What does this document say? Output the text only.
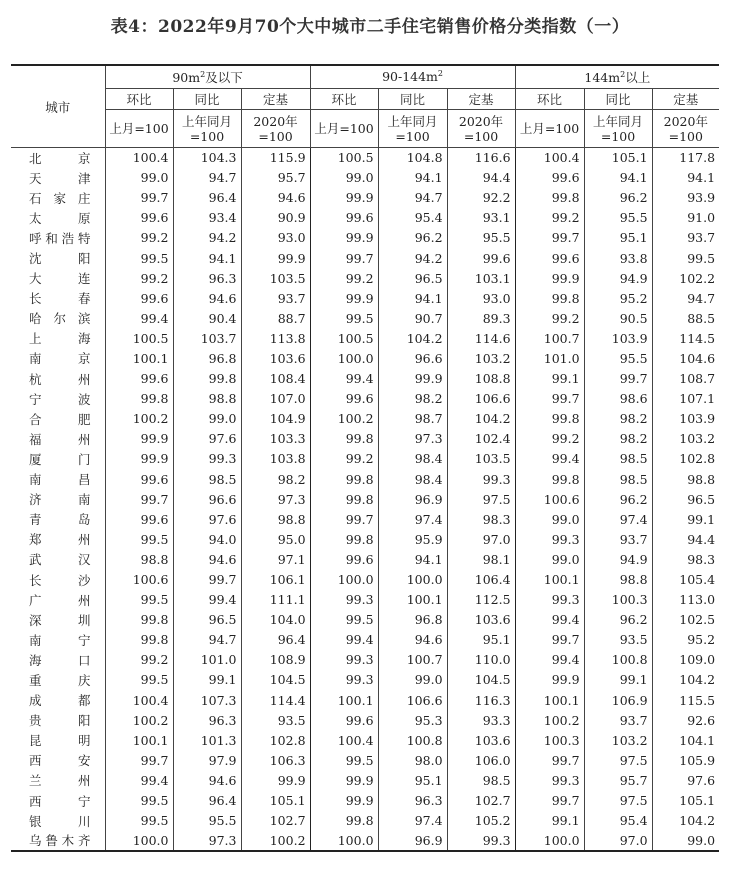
表4：2022年9月70个大中城市二手住宅销售价格分类指数（一）
城市	$90m^2$及以下			$90-144m^2$			$144m^2$以上		
	环比	同比	定基	环比	同比	定基	环比	同比	定基
	上月=100	上年同月=100	2020年=100	上月=100	上年同月=100	2020年=100	上月=100	上年同月=100	2020年=100
北京	100.4	104.3	115.9	100.5	104.8	116.6	100.4	105.1	117.8
天津	99.0	94.7	95.7	99.0	94.1	94.4	99.6	94.1	94.1
石家庄	99.7	96.4	94.6	99.9	94.7	92.2	99.8	96.2	93.9
太原	99.6	93.4	90.9	99.6	95.4	93.1	99.2	95.5	91.0
呼和浩特	99.2	94.2	93.0	99.9	96.2	95.5	99.7	95.1	93.7
沈阳	99.5	94.1	99.9	99.7	94.2	99.6	99.6	93.8	99.5
大连	99.2	96.3	103.5	99.2	96.5	103.1	99.9	94.9	102.2
长春	99.6	94.6	93.7	99.9	94.1	93.0	99.8	95.2	94.7
哈尔滨	99.4	90.4	88.7	99.5	90.7	89.3	99.2	90.5	88.5
上海	100.5	103.7	113.8	100.5	104.2	114.6	100.7	103.9	114.5
南京	100.1	96.8	103.6	100.0	96.6	103.2	101.0	95.5	104.6
杭州	99.6	99.8	108.4	99.4	99.9	108.8	99.1	99.7	108.7
宁波	99.8	98.8	107.0	99.6	98.2	106.6	99.7	98.6	107.1
合肥	100.2	99.0	104.9	100.2	98.7	104.2	99.8	98.2	103.9
福州	99.9	97.6	103.3	99.8	97.3	102.4	99.2	98.2	103.2
厦门	99.9	99.3	103.8	99.2	98.4	103.5	99.4	98.5	102.8
南昌	99.6	98.5	98.2	99.8	98.4	99.3	99.8	98.5	98.8
济南	99.7	96.6	97.3	99.8	96.9	97.5	100.6	96.2	96.5
青岛	99.6	97.6	98.8	99.7	97.4	98.3	99.0	97.4	99.1
郑州	99.5	94.0	95.0	99.8	95.9	97.0	99.3	93.7	94.4
武汉	98.8	94.6	97.1	99.6	94.1	98.1	99.0	94.9	98.3
长沙	100.6	99.7	106.1	100.0	100.0	106.4	100.1	98.8	105.4
广州	99.5	99.4	111.1	99.3	100.1	112.5	99.3	100.3	113.0
深圳	99.8	96.5	104.0	99.5	96.8	103.6	99.4	96.2	102.5
南宁	99.8	94.7	96.4	99.4	94.6	95.1	99.7	93.5	95.2
海口	99.2	101.0	108.9	99.3	100.7	110.0	99.4	100.8	109.0
重庆	99.5	99.1	104.5	99.3	99.0	104.5	99.9	99.1	104.2
成都	100.4	107.3	114.4	100.1	106.6	116.3	100.1	106.9	115.5
贵阳	100.2	96.3	93.5	99.6	95.3	93.3	100.2	93.7	92.6
昆明	100.1	101.3	102.8	100.4	100.8	103.6	100.3	103.2	104.1
西安	99.7	97.9	106.3	99.5	98.0	106.0	99.7	97.5	105.9
兰州	99.4	94.6	99.9	99.9	95.1	98.5	99.3	95.7	97.6
西宁	99.5	96.4	105.1	99.9	96.3	102.7	99.7	97.5	105.1
银川	99.5	95.5	102.7	99.8	97.4	105.2	99.1	95.4	104.2
乌鲁木齐	100.0	97.3	100.2	100.0	96.9	99.3	100.0	97.0	99.0
